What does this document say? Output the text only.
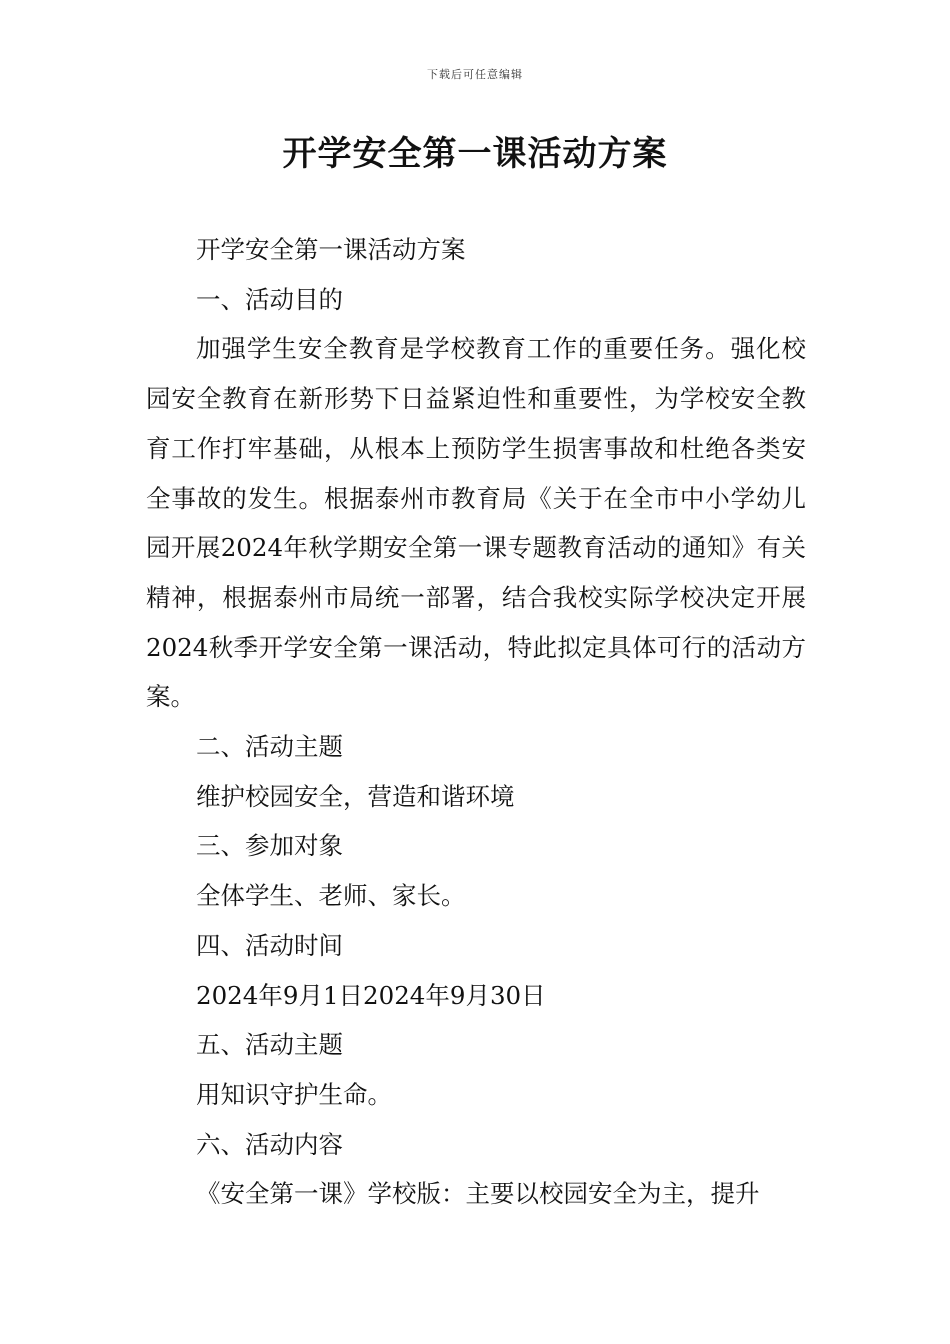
下载后可任意编辑
开学安全第一课活动方案

开学安全第一课活动方案

一、活动目的

加强学生安全教育是学校教育工作的重要任务。强化校园安全教育在新形势下日益紧迫性和重要性，为学校安全教育工作打牢基础，从根本上预防学生损害事故和杜绝各类安全事故的发生。根据泰州市教育局《关于在全市中小学幼儿园开展2024年秋学期安全第一课专题教育活动的通知》有关精神，根据泰州市局统一部署，结合我校实际学校决定开展2024秋季开学安全第一课活动，特此拟定具体可行的活动方案。

二、活动主题

维护校园安全，营造和谐环境

三、参加对象

全体学生、老师、家长。

四、活动时间

2024年9月1日2024年9月30日

五、活动主题

用知识守护生命。

六、活动内容

《安全第一课》学校版：主要以校园安全为主，提升
